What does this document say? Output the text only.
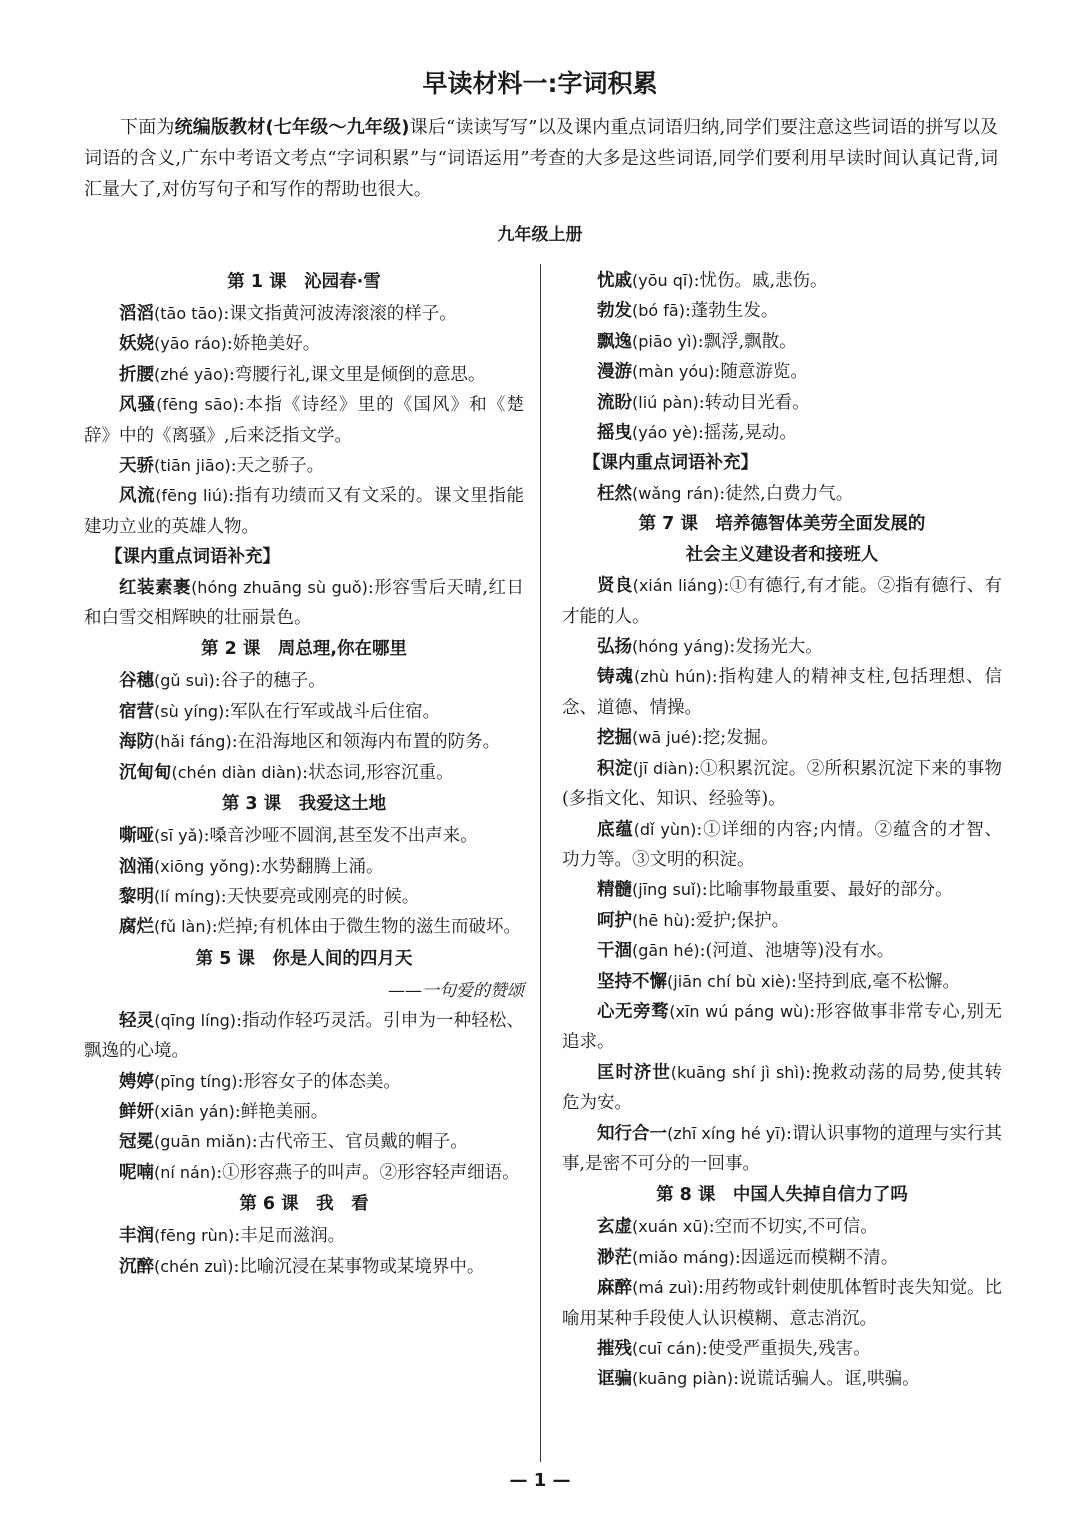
早读材料一:字词积累
下面为统编版教材(七年级～九年级)课后“读读写写”以及课内重点词语归纳,同学们要注意这些词语的拼写以及词语的含义,广东中考语文考点“字词积累”与“词语运用”考查的大多是这些词语,同学们要利用早读时间认真记背,词汇量大了,对仿写句子和写作的帮助也很大。
九年级上册
第 1 课　沁园春·雪
滔滔(tāo tāo):课文指黄河波涛滚滚的样子。
妖娆(yāo ráo):娇艳美好。
折腰(zhé yāo):弯腰行礼,课文里是倾倒的意思。
风骚(fēng sāo):本指《诗经》里的《国风》和《楚辞》中的《离骚》,后来泛指文学。
天骄(tiān jiāo):天之骄子。
风流(fēng liú):指有功绩而又有文采的。课文里指能建功立业的英雄人物。
【课内重点词语补充】
红装素裹(hóng zhuāng sù guǒ):形容雪后天晴,红日和白雪交相辉映的壮丽景色。
第 2 课　周总理,你在哪里
谷穗(gǔ suì):谷子的穗子。
宿营(sù yíng):军队在行军或战斗后住宿。
海防(hǎi fáng):在沿海地区和领海内布置的防务。
沉甸甸(chén diàn diàn):状态词,形容沉重。
第 3 课　我爱这土地
嘶哑(sī yǎ):嗓音沙哑不圆润,甚至发不出声来。
汹涌(xiōng yǒng):水势翻腾上涌。
黎明(lí míng):天快要亮或刚亮的时候。
腐烂(fǔ làn):烂掉;有机体由于微生物的滋生而破坏。
第 5 课　你是人间的四月天
——一句爱的赞颂
轻灵(qīng líng):指动作轻巧灵活。引申为一种轻松、飘逸的心境。
娉婷(pīng tíng):形容女子的体态美。
鲜妍(xiān yán):鲜艳美丽。
冠冕(guān miǎn):古代帝王、官员戴的帽子。
呢喃(ní nán):①形容燕子的叫声。②形容轻声细语。
第 6 课　我　看
丰润(fēng rùn):丰足而滋润。
沉醉(chén zuì):比喻沉浸在某事物或某境界中。
忧戚(yōu qī):忧伤。戚,悲伤。
勃发(bó fā):蓬勃生发。
飘逸(piāo yì):飘浮,飘散。
漫游(màn yóu):随意游览。
流盼(liú pàn):转动目光看。
摇曳(yáo yè):摇荡,晃动。
【课内重点词语补充】
枉然(wǎng rán):徒然,白费力气。
第 7 课　培养德智体美劳全面发展的
社会主义建设者和接班人
贤良(xián liáng):①有德行,有才能。②指有德行、有才能的人。
弘扬(hóng yáng):发扬光大。
铸魂(zhù hún):指构建人的精神支柱,包括理想、信念、道德、情操。
挖掘(wā jué):挖;发掘。
积淀(jī diàn):①积累沉淀。②所积累沉淀下来的事物(多指文化、知识、经验等)。
底蕴(dǐ yùn):①详细的内容;内情。②蕴含的才智、功力等。③文明的积淀。
精髓(jīng suǐ):比喻事物最重要、最好的部分。
呵护(hē hù):爱护;保护。
干涸(gān hé):(河道、池塘等)没有水。
坚持不懈(jiān chí bù xiè):坚持到底,毫不松懈。
心无旁骛(xīn wú páng wù):形容做事非常专心,别无追求。
匡时济世(kuāng shí jì shì):挽救动荡的局势,使其转危为安。
知行合一(zhī xíng hé yī):谓认识事物的道理与实行其事,是密不可分的一回事。
第 8 课　中国人失掉自信力了吗
玄虚(xuán xū):空而不切实,不可信。
渺茫(miǎo máng):因遥远而模糊不清。
麻醉(má zuì):用药物或针刺使肌体暂时丧失知觉。比喻用某种手段使人认识模糊、意志消沉。
摧残(cuī cán):使受严重损失,残害。
诓骗(kuāng piàn):说谎话骗人。诓,哄骗。
— 1 —
